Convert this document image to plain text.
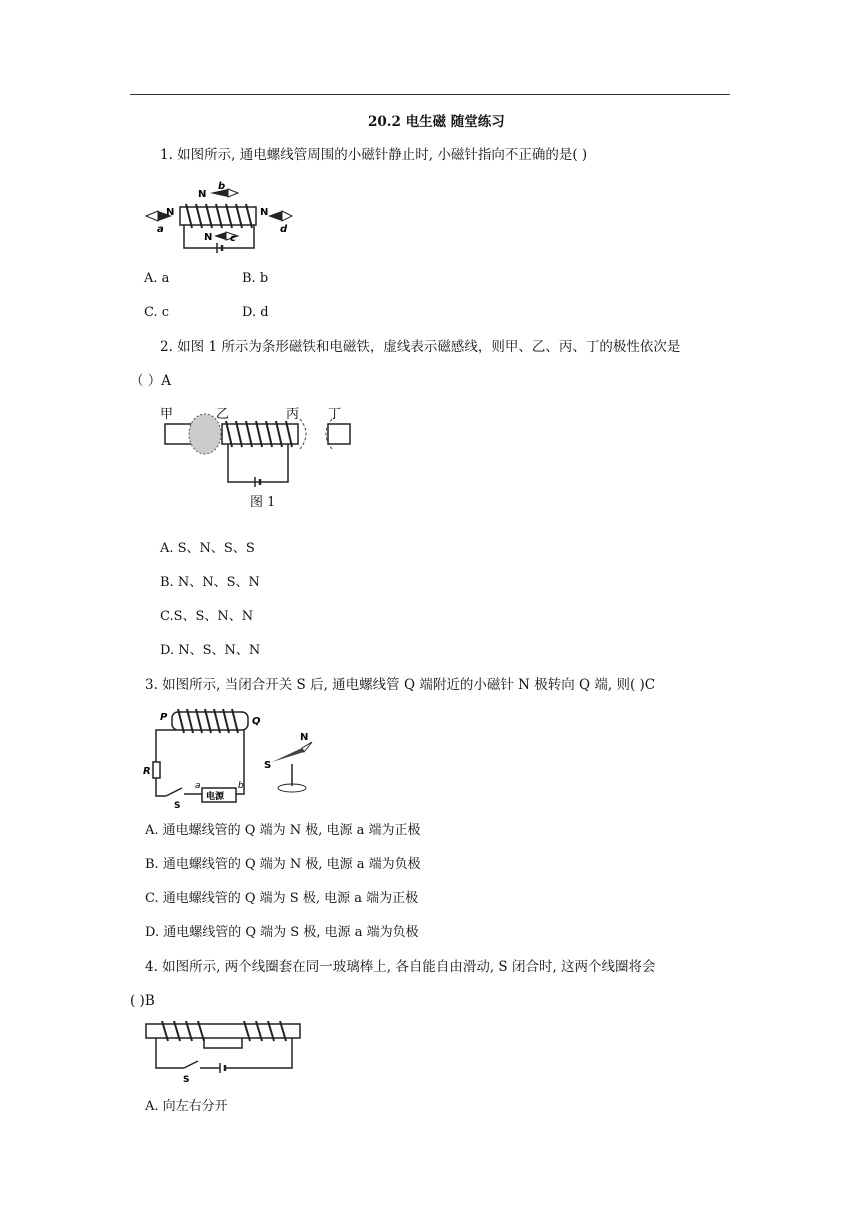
20.2 电生磁 随堂练习
1. 如图所示, 通电螺线管周围的小磁针静止时, 小磁针指向不正确的是( )
N
b
N
a
N
d
N c
A. a	B. b
C. c	D. d
2. 如图 1 所示为条形磁铁和电磁铁，虚线表示磁感线，则甲、乙、丙、丁的极性依次是
（ ）A
甲	乙	丙 丁
图 1
A. S、N、S、S
B. N、N、S、N
C.S、S、N、N
D. N、S、N、N
3. 如图所示, 当闭合开关 S 后, 通电螺线管 Q 端附近的小磁针 N 极转向 Q 端, 则( )C
P	Q
N
S
R
a	b
S
电源
A. 通电螺线管的 Q 端为 N 极, 电源 a 端为正极
B. 通电螺线管的 Q 端为 N 极, 电源 a 端为负极
C. 通电螺线管的 Q 端为 S 极, 电源 a 端为正极
D. 通电螺线管的 Q 端为 S 极, 电源 a 端为负极
4. 如图所示, 两个线圈套在同一玻璃棒上, 各自能自由滑动, S 闭合时, 这两个线圈将会
( )B
S
A. 向左右分开
